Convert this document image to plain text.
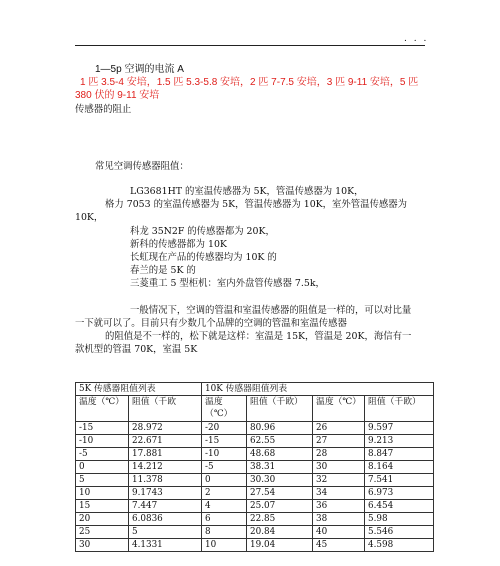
. . .
1—5p 空调的电流 A
1 匹 3.5-4 安培，1.5 匹 5.3-5.8 安培，2 匹 7-7.5 安培，3 匹 9-11 安培，5 匹
380 伏的 9-11 安培
传感器的阻止
常见空调传感器阻值：
LG3681HT 的室温传感器为 5K，管温传感器为 10K，
格力 7053 的室温传感器为 5K，管温传感器为 10K，室外管温传感器为
10K，
科龙 35N2F 的传感器都为 20K，
新科的传感器都为 10K
长虹现在产品的传感器均为 10K 的
春兰的是 5K 的
三菱重工 5 型柜机：室内外盘管传感器 7.5k，
一般情况下，空调的管温和室温传感器的阻值是一样的，可以对比量
一下就可以了。目前只有少数几个品牌的空调的管温和室温传感器
的阻值是不一样的，松下就是这样：室温是 15K，管温是 20K，海信有一
款机型的管温 70K，室温 5K
5K 传感器阻值列表		10K 传感器阻值列表			
温度（℃）	阻值（千欧	温度（℃）	阻值（千欧）	温度（℃）	阻值（千欧）
-15	28.972	-20	80.96	26	9.597
-10	22.671	-15	62.55	27	9.213
-5	17.881	-10	48.68	28	8.847
0	14.212	-5	38.31	30	8.164
5	11.378	0	30.30	32	7.541
10	9.1743	2	27.54	34	6.973
15	7.447	4	25.07	36	6.454
20	6.0836	6	22.85	38	5.98
25	5	8	20.84	40	5.546
30	4.1331	10	19.04	45	4.598
